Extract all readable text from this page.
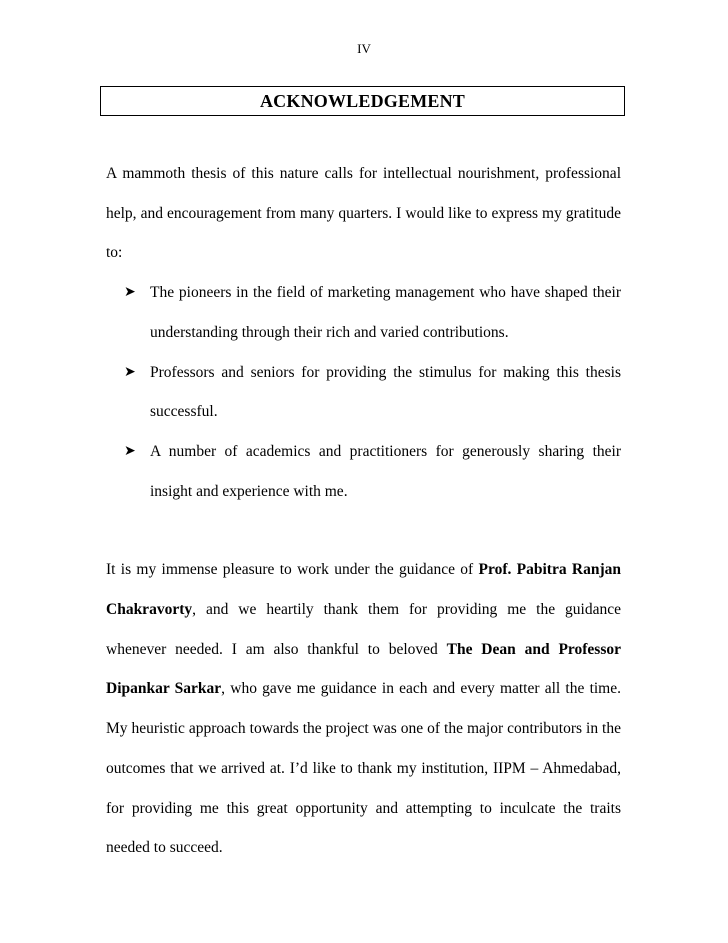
IV
ACKNOWLEDGEMENT

A mammoth thesis of this nature calls for intellectual nourishment, professional help, and encouragement from many quarters. I would like to express my gratitude to:

➤ The pioneers in the field of marketing management who have shaped their understanding through their rich and varied contributions.
➤ Professors and seniors for providing the stimulus for making this thesis successful.
➤ A number of academics and practitioners for generously sharing their insight and experience with me.

It is my immense pleasure to work under the guidance of Prof. Pabitra Ranjan Chakravorty, and we heartily thank them for providing me the guidance whenever needed. I am also thankful to beloved The Dean and Professor Dipankar Sarkar, who gave me guidance in each and every matter all the time. My heuristic approach towards the project was one of the major contributors in the outcomes that we arrived at. I’d like to thank my institution, IIPM – Ahmedabad, for providing me this great opportunity and attempting to inculcate the traits needed to succeed.
